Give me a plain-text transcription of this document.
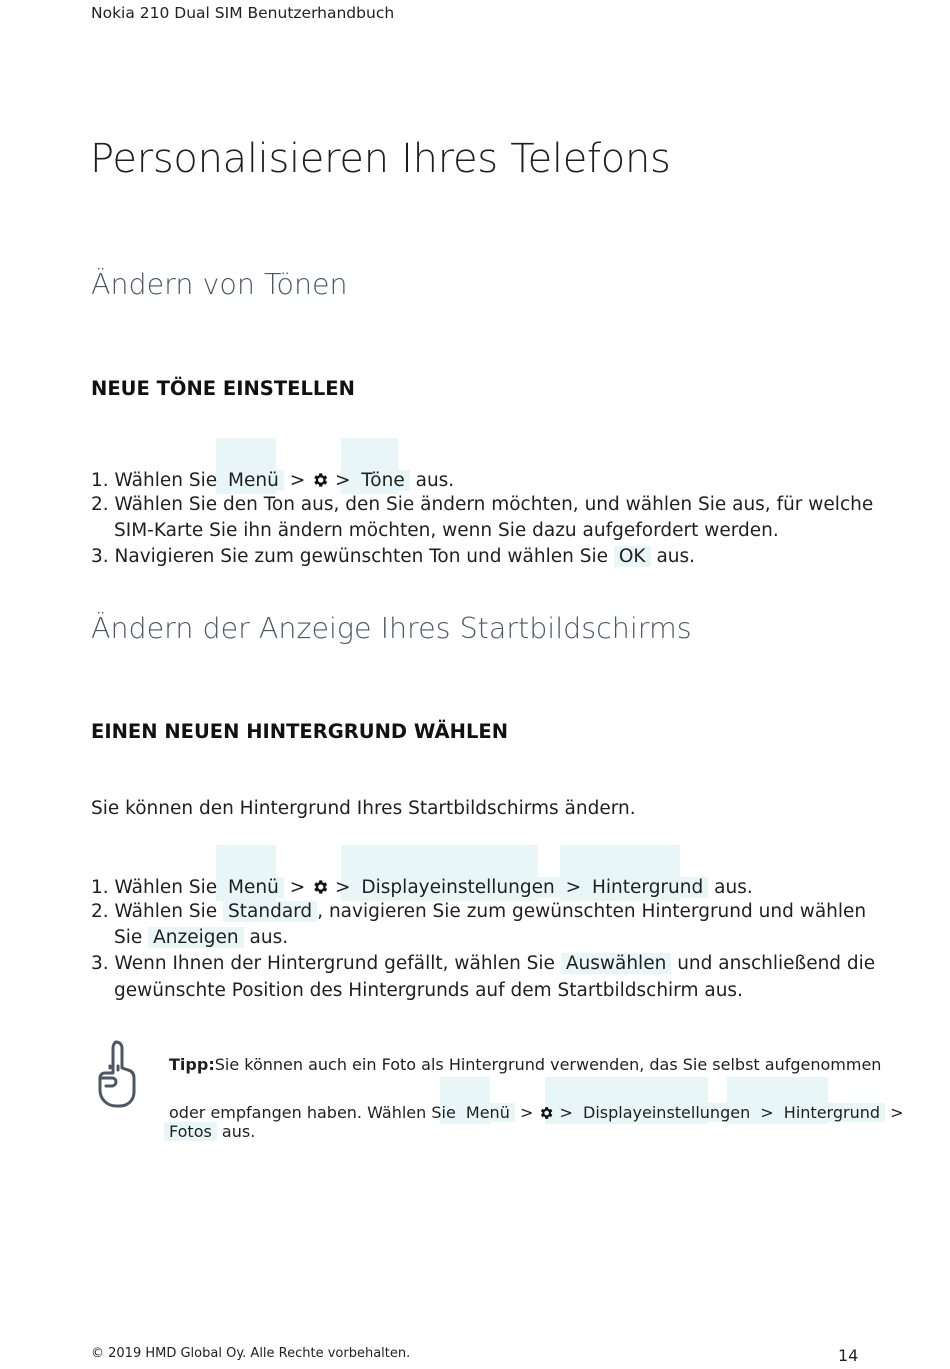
Nokia 210 Dual SIM Benutzerhandbuch
Personalisieren Ihres Telefons
Ändern von Tönen
NEUE TÖNE EINSTELLEN
1. Wählen Sie Menü > > Töne aus.
2. Wählen Sie den Ton aus, den Sie ändern möchten, und wählen Sie aus, für welche
SIM-Karte Sie ihn ändern möchten, wenn Sie dazu aufgefordert werden.
3. Navigieren Sie zum gewünschten Ton und wählen Sie OK aus.
Ändern der Anzeige Ihres Startbildschirms
EINEN NEUEN HINTERGRUND WÄHLEN
Sie können den Hintergrund Ihres Startbildschirms ändern.
1. Wählen Sie Menü > > Displayeinstellungen > Hintergrund aus.
2. Wählen Sie Standard , navigieren Sie zum gewünschten Hintergrund und wählen
Sie Anzeigen aus.
3. Wenn Ihnen der Hintergrund gefällt, wählen Sie Auswählen und anschließend die
gewünschte Position des Hintergrunds auf dem Startbildschirm aus.
Tipp:Sie können auch ein Foto als Hintergrund verwenden, das Sie selbst aufgenommen
oder empfangen haben. Wählen Sie Menü > > Displayeinstellungen > Hintergrund >
Fotos aus.
© 2019 HMD Global Oy. Alle Rechte vorbehalten.	14
